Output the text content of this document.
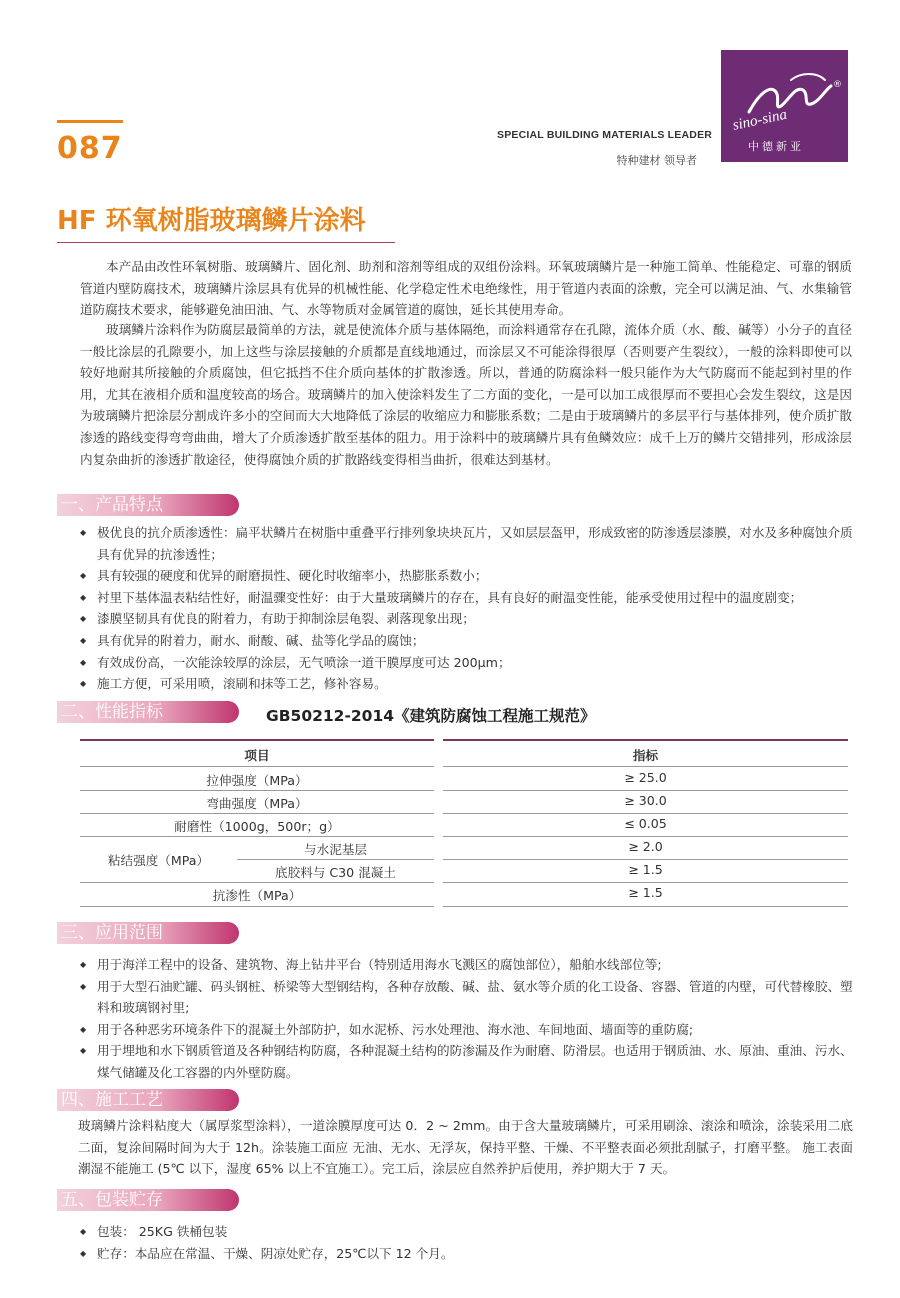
087	SPECIAL BUILDING MATERIALS LEADER
特种建材 领导者
®
sino-sina
中德新亚
HF 环氧树脂玻璃鳞片涂料

本产品由改性环氧树脂、玻璃鳞片、固化剂、助剂和溶剂等组成的双组份涂料。环氧玻璃鳞片是一种施工简单、性能稳定、可靠的钢质管道内壁防腐技术，玻璃鳞片涂层具有优异的机械性能、化学稳定性术电绝缘性，用于管道内表面的涂敷，完全可以满足油、气、水集输管道防腐技术要求，能够避免油田油、气、水等物质对金属管道的腐蚀，延长其使用寿命。

玻璃鳞片涂料作为防腐层最简单的方法，就是使流体介质与基体隔绝，而涂料通常存在孔隙，流体介质（水、酸、碱等）小分子的直径一般比涂层的孔隙要小，加上这些与涂层接触的介质都是直线地通过，而涂层又不可能涂得很厚（否则要产生裂纹），一般的涂料即使可以较好地耐其所接触的介质腐蚀，但它抵挡不住介质向基体的扩散渗透。所以，普通的防腐涂料一般只能作为大气防腐而不能起到衬里的作用，尤其在液相介质和温度较高的场合。玻璃鳞片的加入使涂料发生了二方面的变化，一是可以加工成很厚而不要担心会发生裂纹，这是因为玻璃鳞片把涂层分割成许多小的空间而大大地降低了涂层的收缩应力和膨胀系数；二是由于玻璃鳞片的多层平行与基体排列，使介质扩散渗透的路线变得弯弯曲曲，增大了介质渗透扩散至基体的阻力。用于涂料中的玻璃鳞片具有鱼鳞效应：成千上万的鳞片交错排列，形成涂层内复杂曲折的渗透扩散途径，使得腐蚀介质的扩散路线变得相当曲折，很难达到基材。

一、产品特点
◆ 极优良的抗介质渗透性：扁平状鳞片在树脂中重叠平行排列象块块瓦片，又如层层盔甲，形成致密的防渗透层漆膜，对水及多种腐蚀介质具有优异的抗渗透性；
◆ 具有较强的硬度和优异的耐磨损性、硬化时收缩率小，热膨胀系数小；
◆ 衬里下基体温表粘结性好，耐温骤变性好：由于大量玻璃鳞片的存在，具有良好的耐温变性能，能承受使用过程中的温度剧变；
◆ 漆膜坚韧具有优良的附着力，有助于抑制涂层龟裂、剥落现象出现；
◆ 具有优异的附着力，耐水、耐酸、碱、盐等化学品的腐蚀；
◆ 有效成份高，一次能涂较厚的涂层，无气喷涂一道干膜厚度可达 200μm；
◆ 施工方便，可采用喷，滚刷和抹等工艺，修补容易。
二、性能指标	GB50212-2014《建筑防腐蚀工程施工规范》
项目	指标
拉伸强度（MPa）	≥ 25.0
弯曲强度（MPa）	≥ 30.0
耐磨性（1000g，500r；g）	≤ 0.05
粘结强度（MPa）
与水泥基层	≥ 2.0
底胶料与 C30 混凝土	≥ 1.5
抗渗性（MPa）	≥ 1.5
三、应用范围
◆ 用于海洋工程中的设备、建筑物、海上钻井平台（特别适用海水飞溅区的腐蚀部位），船舶水线部位等;
◆ 用于大型石油贮罐、码头钢桩、桥梁等大型钢结构，各种存放酸、碱、盐、氨水等介质的化工设备、容器、管道的内壁，可代替橡胶、塑料和玻璃钢衬里;
◆ 用于各种恶劣环境条件下的混凝土外部防护，如水泥桥、污水处理池、海水池、车间地面、墙面等的重防腐;
◆ 用于埋地和水下钢质管道及各种钢结构防腐，各种混凝土结构的防渗漏及作为耐磨、防滑层。也适用于钢质油、水、原油、重油、污水、煤气储罐及化工容器的内外壁防腐。
四、施工工艺

玻璃鳞片涂料粘度大（属厚浆型涂料），一道涂膜厚度可达 0．2 ~ 2mm。由于含大量玻璃鳞片，可采用刷涂、滚涂和喷涂，涂装采用二底二面，复涂间隔时间为大于 12h。涂装施工面应 无油、无水、无浮灰，保持平整、干燥、不平整表面必须批刮腻子，打磨平整。 施工表面潮湿不能施工 (5℃ 以下，湿度 65% 以上不宜施工）。完工后，涂层应自然养护后使用，养护期大于 7 天。

五、包装贮存
◆ 包装： 25KG 铁桶包装
◆ 贮存：本品应在常温、干燥、阴凉处贮存，25℃以下 12 个月。
